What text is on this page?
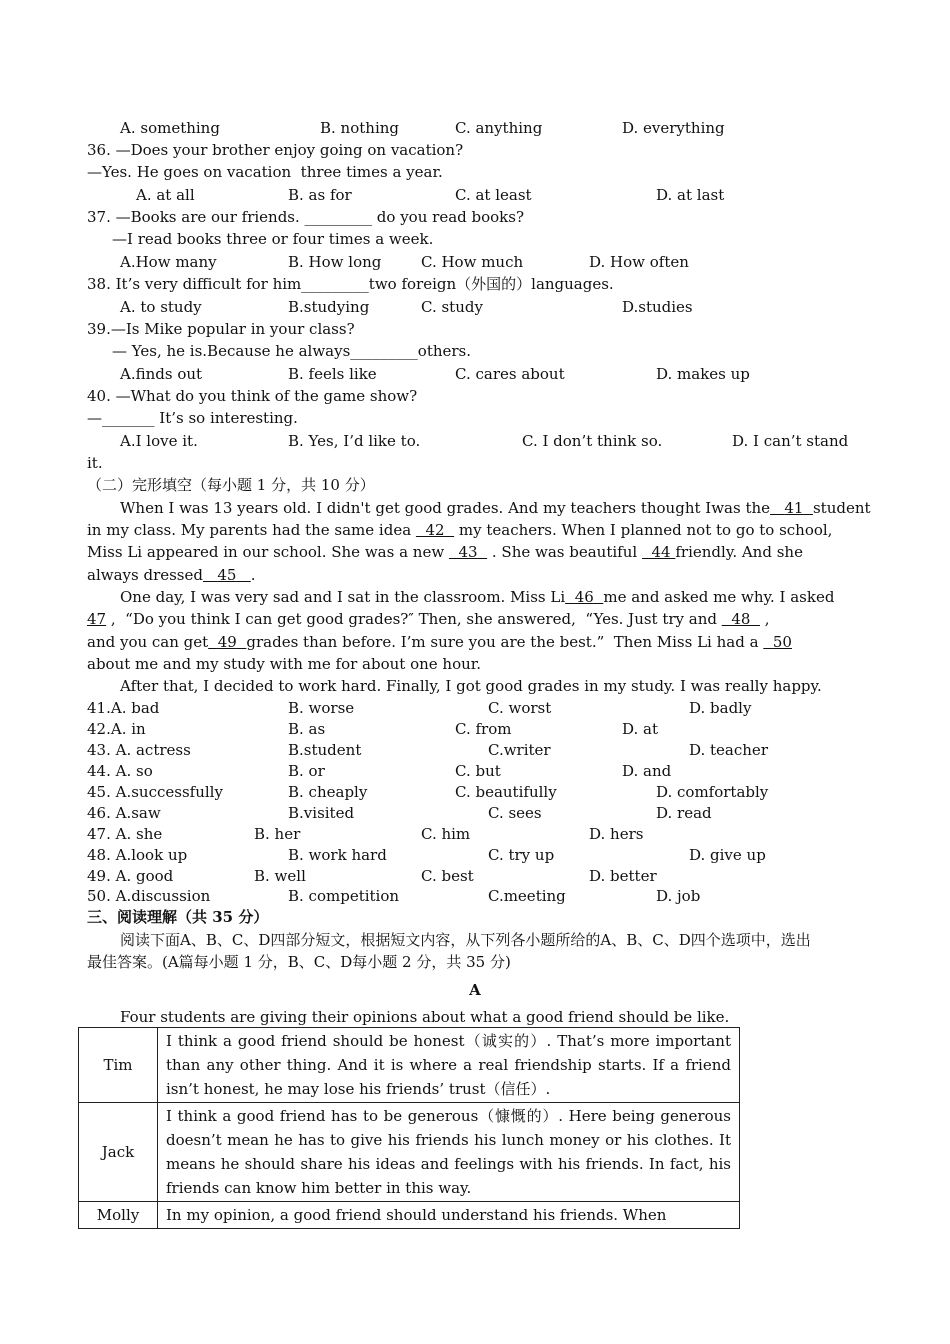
A. something	B. nothing	C. anything	D. everything
36. —Does your brother enjoy going on vacation?
—Yes. He goes on vacation  three times a year.
A. at all	B. as for	C. at least	D. at last
37. —Books are our friends. _________ do you read books?
—I read books three or four times a week.
A.How many	B. How long	C. How much	D. How often
38. It’s very difficult for him_________two foreign（外国的）languages.
A. to study	B.studying	C. study	D.studies
39.—Is Mike popular in your class?
— Yes, he is.Because he always_________others.
A.finds out	B. feels like	C. cares about	D. makes up
40. —What do you think of the game show?
—_______ It’s so interesting.
A.I love it.	B. Yes, I’d like to.	C. I don’t think so.	D. I can’t stand
it.
（二）完形填空（每小题 1 分，共 10 分）
When I was 13 years old. I didn't get good grades. And my teachers thought Iwas the 41 student
in my class. My parents had the same idea   42   my teachers. When I planned not to go to school,
Miss Li appeared in our school. She was a new   43   . She was beautiful   44 friendly. And she
always dressed 45 .
One day, I was very sad and I sat in the classroom. Miss Li 46 me and asked me why. I asked
47 ,  “Do you think I can get good grades?″ Then, she answered,  “Yes. Just try and   48   ,
and you can get 49 grades than before. I’m sure you are the best.”  Then Miss Li had a   50
about me and my study with me for about one hour.
After that, I decided to work hard. Finally, I got good grades in my study. I was really happy.
41.A. bad	B. worse	C. worst	D. badly
42.A. in	B. as	C. from	D. at
43. A. actress	B.student	C.writer	D. teacher
44. A. so	B. or	C. but	D. and
45. A.successfully	B. cheaply	C. beautifully	D. comfortably
46. A.saw	B.visited	C. sees	D. read
47. A. she	B. her	C. him	D. hers
48. A.look up	B. work hard	C. try up	D. give up
49. A. good	B. well	C. best	D. better
50. A.discussion	B. competition	C.meeting	D. job
三、阅读理解（共 35 分）
阅读下面A、B、C、D四部分短文，根据短文内容，从下列各小题所给的A、B、C、D四个选项中，选出
最佳答案。(A篇每小题 1 分，B、C、D每小题 2 分，共 35 分)
A
Four students are giving their opinions about what a good friend should be like.
Tim	I think a good friend should be honest（诚实的）. That’s more important than any other thing. And it is where a real friendship starts. If a friend isn’t honest, he may lose his friends’ trust（信任）.
Jack	I think a good friend has to be generous（慷慨的）. Here being generous doesn’t mean he has to give his friends his lunch money or his clothes. It means he should share his ideas and feelings with his friends. In fact, his friends can know him better in this way.
Molly	In my opinion, a good friend should understand his friends. When
